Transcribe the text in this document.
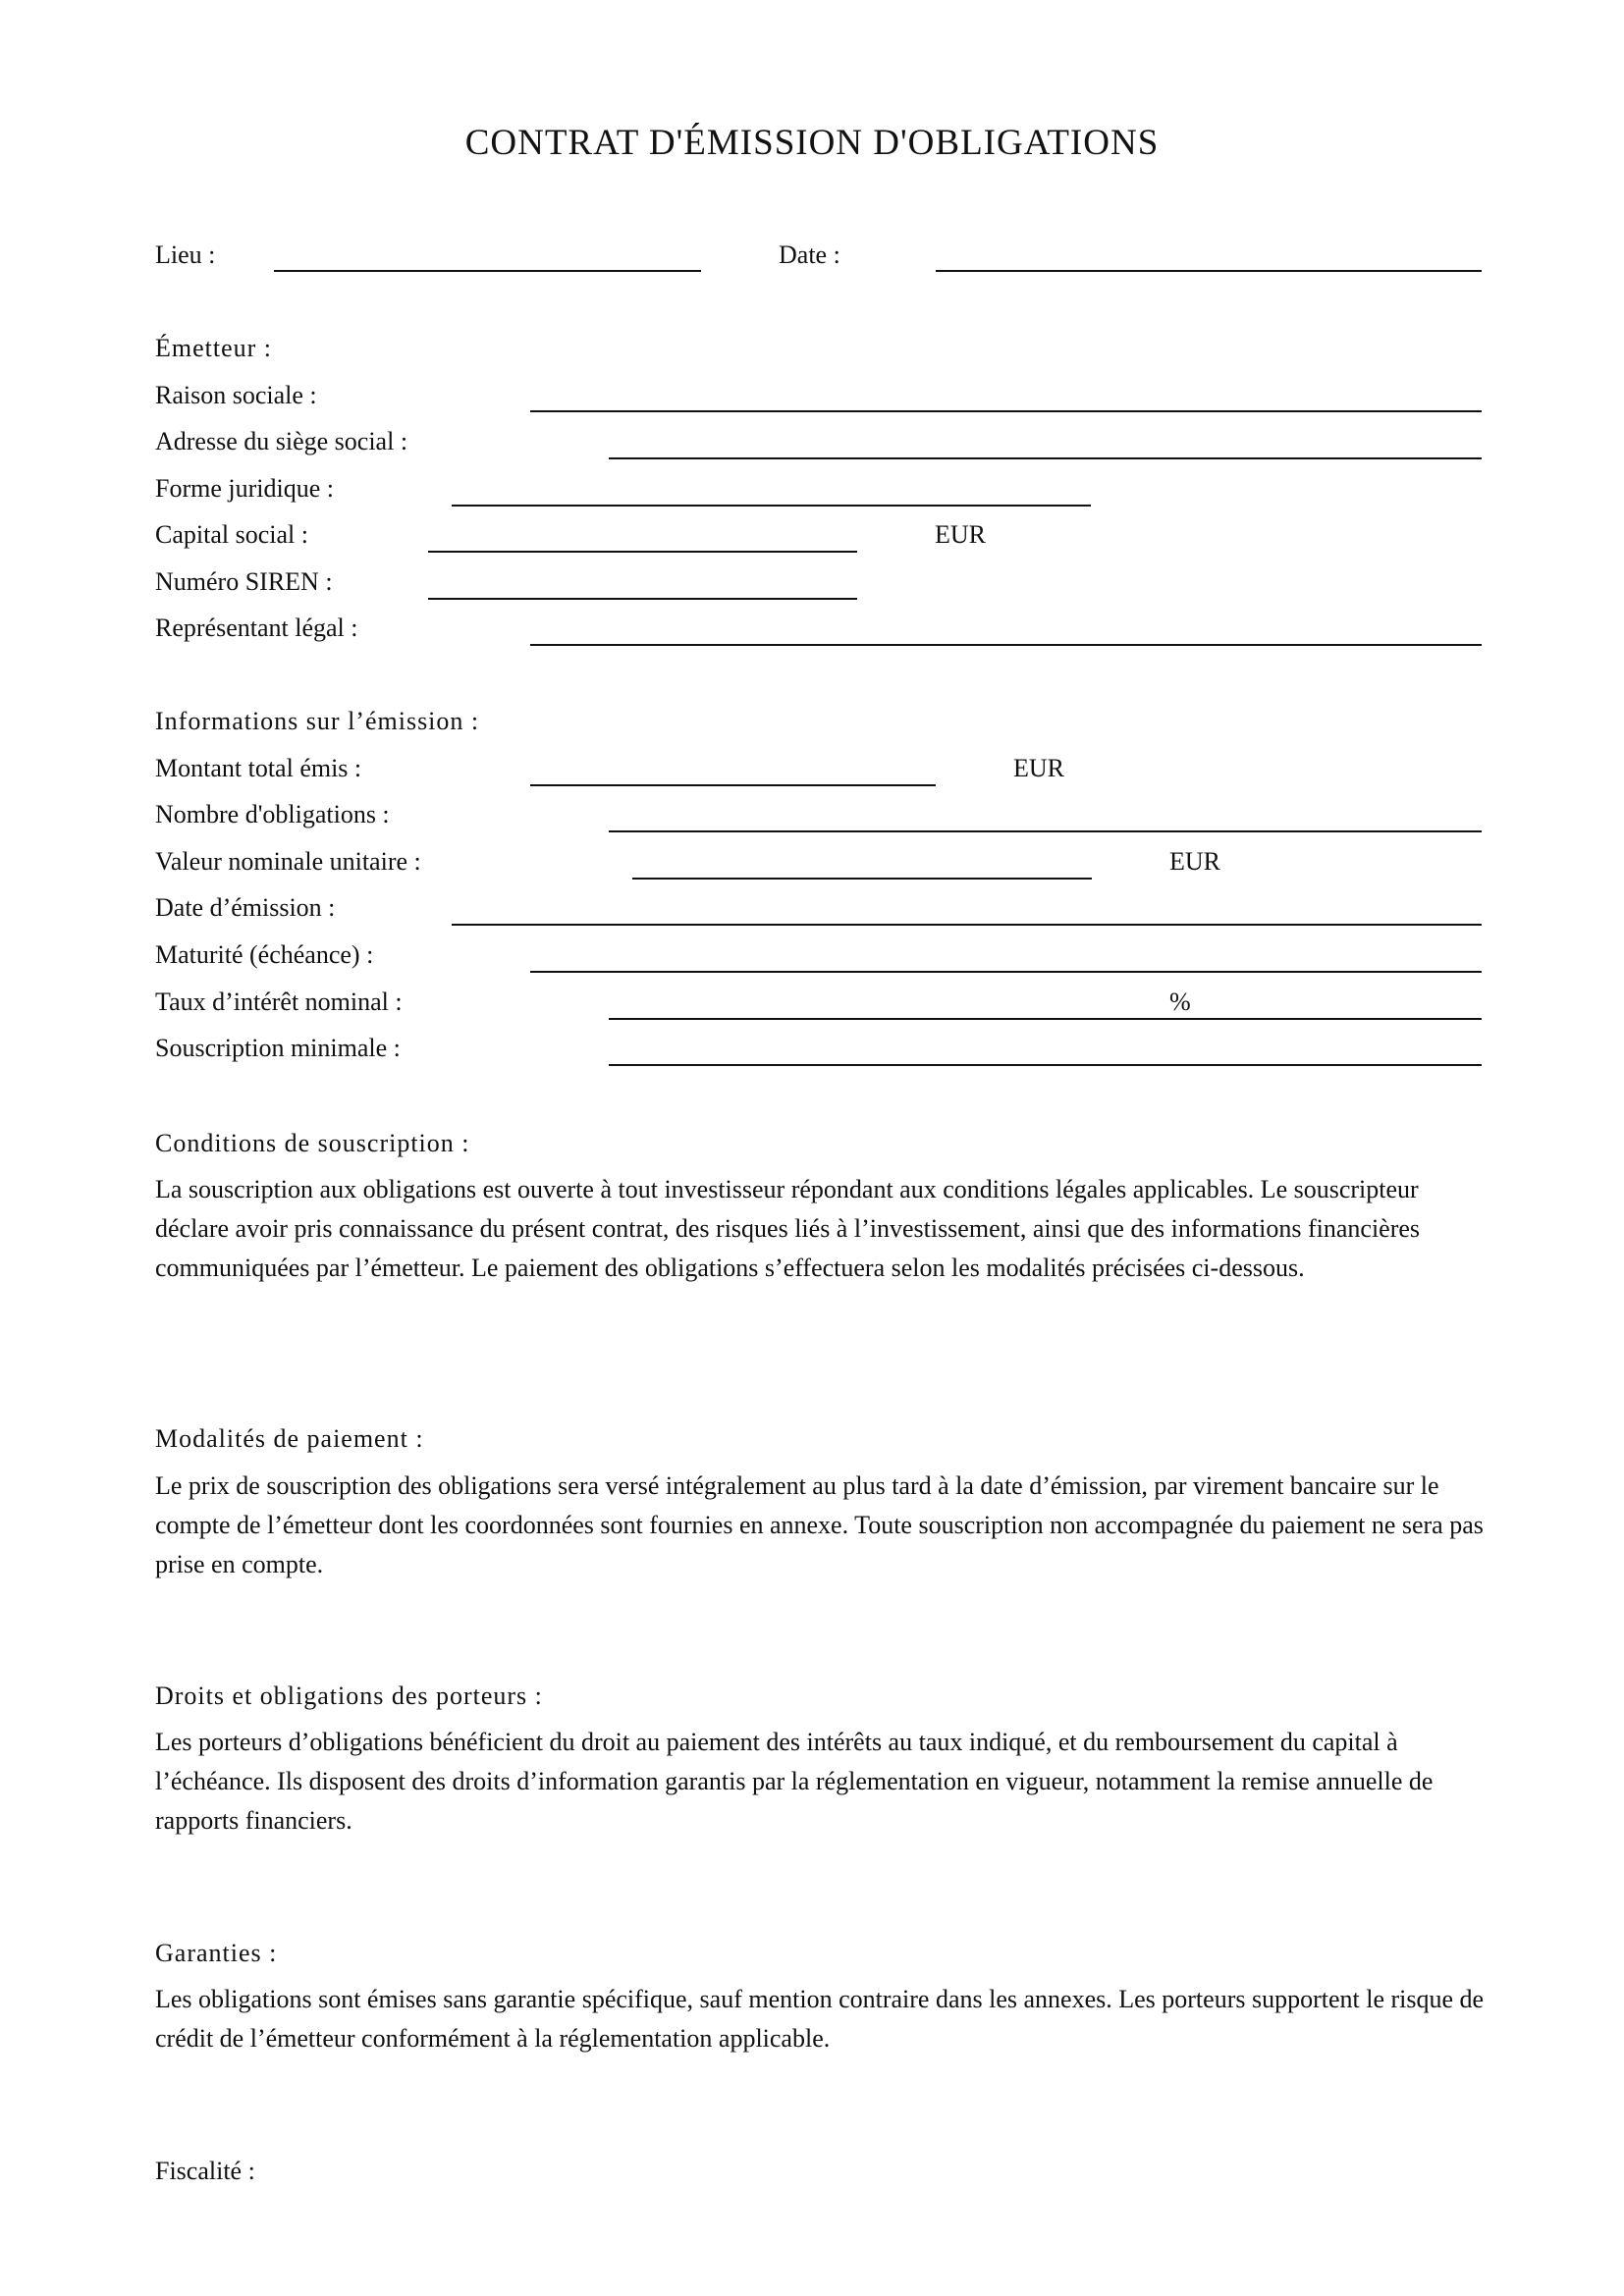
CONTRAT D'ÉMISSION D'OBLIGATIONS
Lieu :	Date :
Émetteur :
Raison sociale :
Adresse du siège social :
Forme juridique :
Capital social :	EUR
Numéro SIREN :
Représentant légal :
Informations sur l’émission :
Montant total émis :	EUR
Nombre d'obligations :
Valeur nominale unitaire :	EUR
Date d’émission :
Maturité (échéance) :
Taux d’intérêt nominal :	%
Souscription minimale :
Conditions de souscription :
La souscription aux obligations est ouverte à tout investisseur répondant aux conditions légales applicables. Le souscripteur déclare avoir pris connaissance du présent contrat, des risques liés à l’investissement, ainsi que des informations financières communiquées par l’émetteur. Le paiement des obligations s’effectuera selon les modalités précisées ci-dessous.
Modalités de paiement :
Le prix de souscription des obligations sera versé intégralement au plus tard à la date d’émission, par virement bancaire sur le compte de l’émetteur dont les coordonnées sont fournies en annexe. Toute souscription non accompagnée du paiement ne sera pas prise en compte.
Droits et obligations des porteurs :
Les porteurs d’obligations bénéficient du droit au paiement des intérêts au taux indiqué, et du remboursement du capital à l’échéance. Ils disposent des droits d’information garantis par la réglementation en vigueur, notamment la remise annuelle de rapports financiers.
Garanties :
Les obligations sont émises sans garantie spécifique, sauf mention contraire dans les annexes. Les porteurs supportent le risque de crédit de l’émetteur conformément à la réglementation applicable.
Fiscalité :
